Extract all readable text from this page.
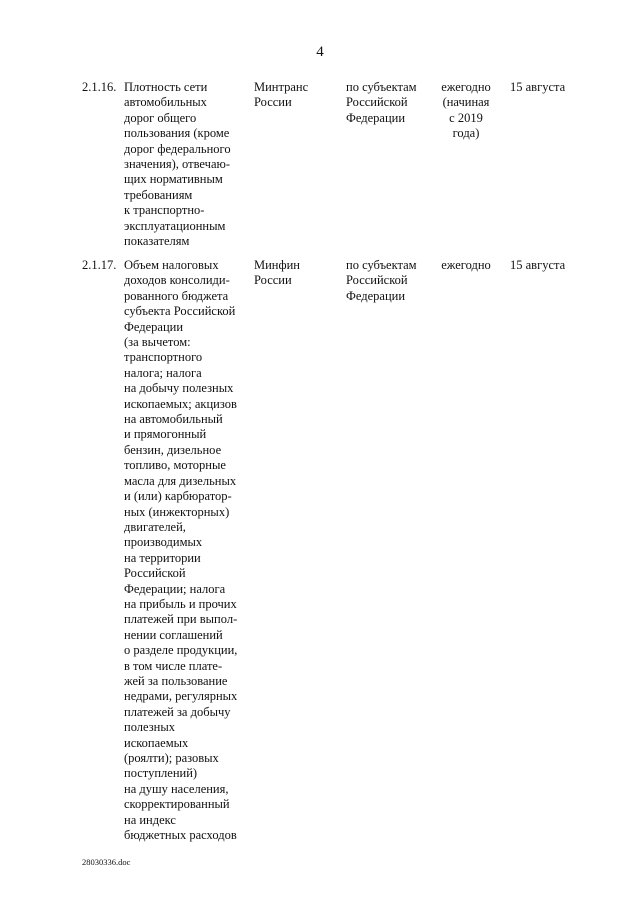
4
2.1.16. Плотность сети
автомобильных
дорог общего
пользования (кроме
дорог федерального
значения), отвечаю-
щих нормативным
требованиям
к транспортно-
эксплуатационным
показателям
Минтранс
России
по субъектам
Российской
Федерации
ежегодно
(начиная
с 2019
года)
15 августа
2.1.17. Объем налоговых
доходов консолиди-
рованного бюджета
субъекта Российской
Федерации
(за вычетом:
транспортного
налога; налога
на добычу полезных
ископаемых; акцизов
на автомобильный
и прямогонный
бензин, дизельное
топливо, моторные
масла для дизельных
и (или) карбюратор-
ных (инжекторных)
двигателей,
производимых
на территории
Российской
Федерации; налога
на прибыль и прочих
платежей при выпол-
нении соглашений
о разделе продукции,
в том числе плате-
жей за пользование
недрами, регулярных
платежей за добычу
полезных
ископаемых
(роялти); разовых
поступлений)
на душу населения,
скорректированный
на индекс
бюджетных расходов
Минфин
России
по субъектам
Российской
Федерации
ежегодно 15 августа
28030336.doc
